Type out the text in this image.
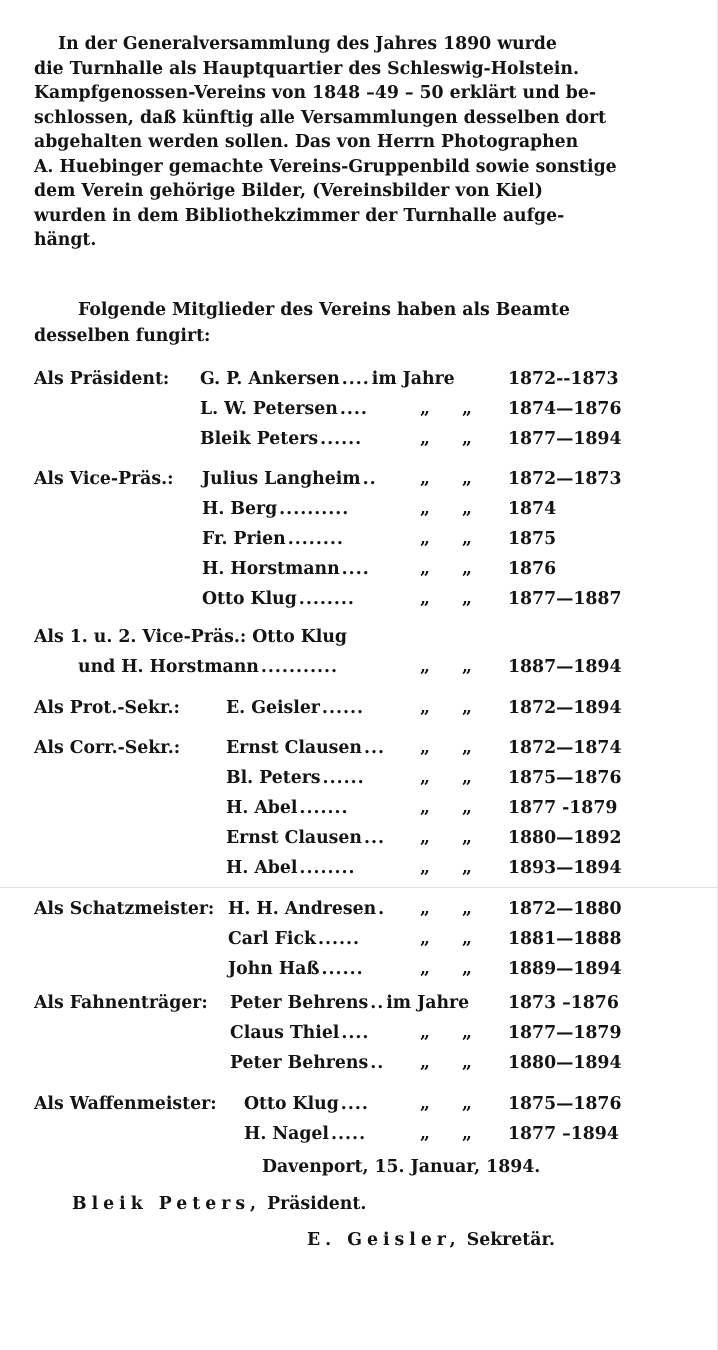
In der Generalversammlung des Jahres 1890 wurde
die Turnhalle als Hauptquartier des Schleswig-Holstein.
Kampfgenossen-Vereins von 1848 –49 – 50 erklärt und be-
schlossen, daß künftig alle Versammlungen desselben dort
abgehalten werden sollen. Das von Herrn Photographen
A. Huebinger gemachte Vereins-Gruppenbild sowie sonstige
dem Verein gehörige Bilder, (Vereinsbilder von Kiel)
wurden in dem Bibliothekzimmer der Turnhalle aufge-
hängt.
Folgende Mitglieder des Vereins haben als Beamte
desselben fungirt:
Als Präsident: G. P. Ankersen .... im Jahre	1872--1873
L. W. Petersen ....	„ „ 1874—1876
Bleik Peters ......	„ „ 1877—1894
Als Vice-Präs.: Julius Langheim ..	„ „ 1872—1873
H. Berg ..........	„ „ 1874
Fr. Prien ........	„ „ 1875
H. Horstmann ....	„ „ 1876
Otto Klug ........	„ „ 1877—1887
Als 1. u. 2. Vice-Präs.: Otto Klug
und H. Horstmann ...........	„ „ 1887—1894
Als Prot.-Sekr.:	E. Geisler ......	„ „ 1872—1894
Als Corr.-Sekr.:	Ernst Clausen ... „ „ 1872—1874
Bl. Peters ......	„ „ 1875—1876
H. Abel .......	„ „ 1877 -1879
Ernst Clausen ... „ „ 1880—1892
H. Abel ........	„ „ 1893—1894
Als Schatzmeister: H. H. Andresen . „ „ 1872—1880
Carl Fick ......	„ „ 1881—1888
John Haß ......	„ „ 1889—1894
Als Fahnenträger: Peter Behrens .. im Jahre 1873 –1876
Claus Thiel ....	„ „ 1877—1879
Peter Behrens .. „ „ 1880—1894
Als Waffenmeister: Otto Klug ....	„ „ 1875—1876
H. Nagel .....	„ „ 1877 –1894
Davenport, 15. Januar, 1894.
Bleik Peters, Präsident.
E. Geisler, Sekretär.
